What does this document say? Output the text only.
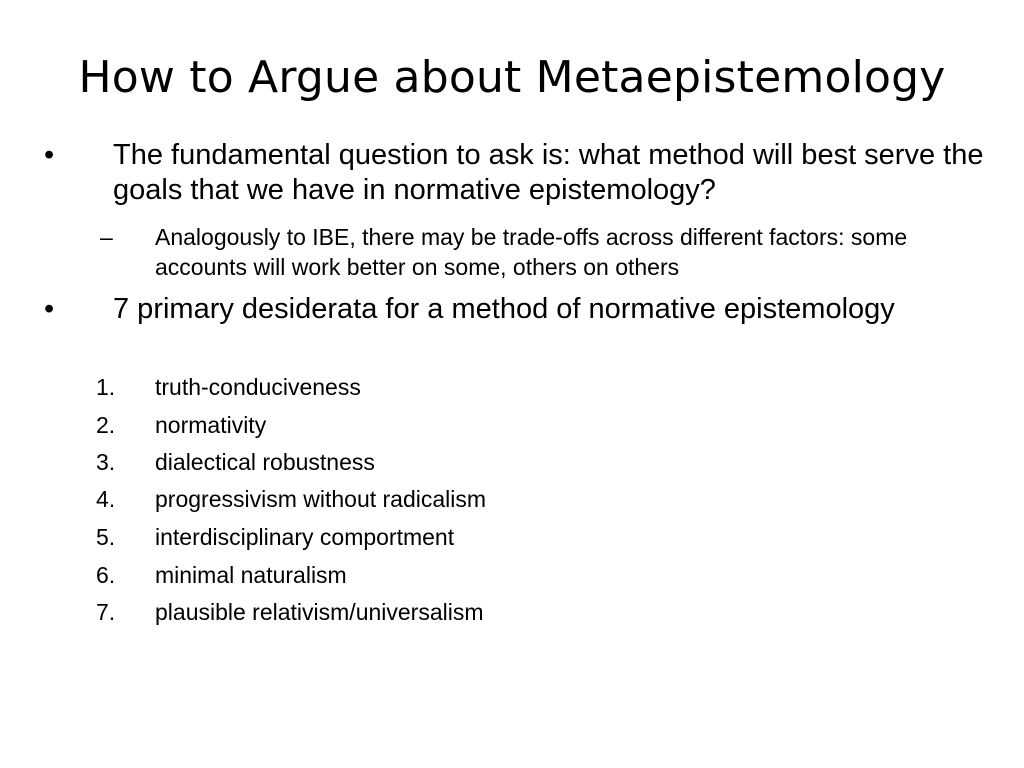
How to Argue about Metaepistemology
• The fundamental question to ask is: what method will best serve the goals that we have in normative epistemology?
– Analogously to IBE, there may be trade-offs across different factors: some accounts will work better on some, others on others
• 7 primary desiderata for a method of normative epistemology
1. truth-conduciveness
2. normativity
3. dialectical robustness
4. progressivism without radicalism
5. interdisciplinary comportment
6. minimal naturalism
7. plausible relativism/universalism
